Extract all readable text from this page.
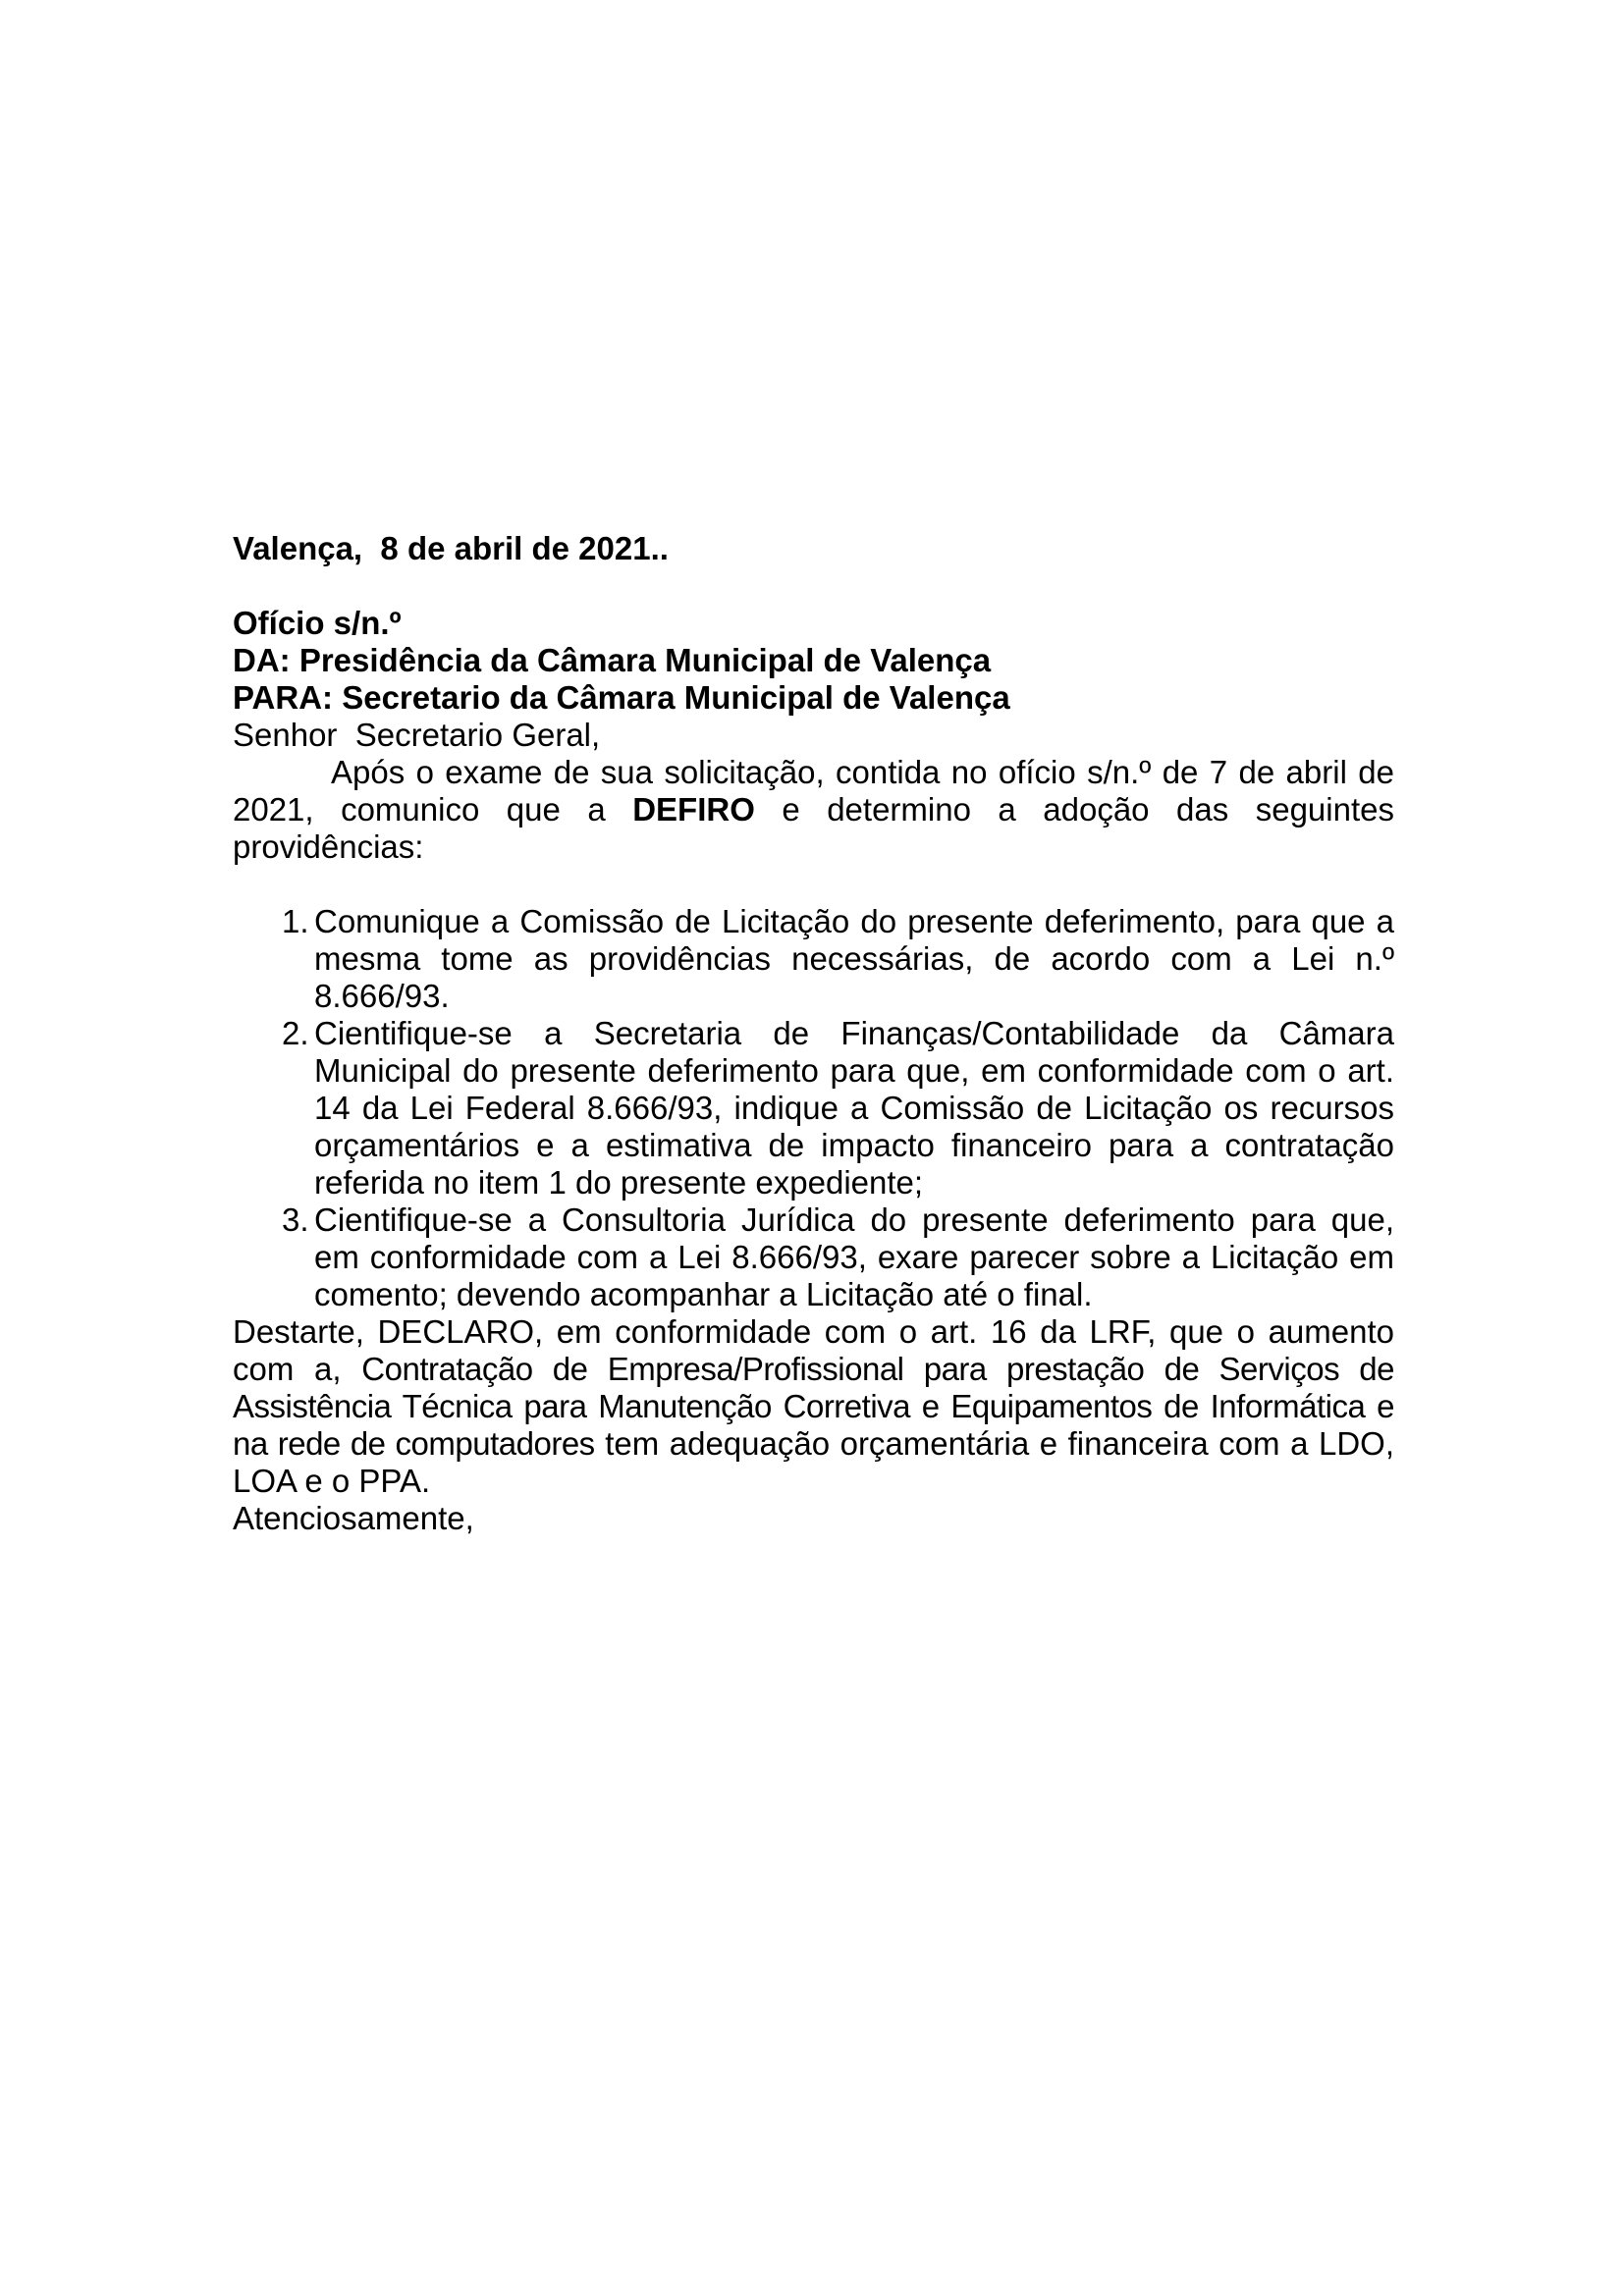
Valença,  8 de abril de 2021..

Ofício s/n.º

DA: Presidência da Câmara Municipal de Valença

PARA: Secretario da Câmara Municipal de Valença

Senhor  Secretario Geral,

Após o exame de sua solicitação, contida no ofício s/n.º de 7 de abril de 2021, comunico que a DEFIRO e determino a adoção das seguintes providências:

1. Comunique a Comissão de Licitação do presente deferimento, para que a mesma tome as providências necessárias, de acordo com a Lei n.º 8.666/93.
2. Cientifique-se a Secretaria de Finanças/Contabilidade da Câmara Municipal do presente deferimento para que, em conformidade com o art. 14 da Lei Federal 8.666/93, indique a Comissão de Licitação os recursos orçamentários e a estimativa de impacto financeiro para a contratação referida no item 1 do presente expediente;
3. Cientifique-se a Consultoria Jurídica do presente deferimento para que, em conformidade com a Lei 8.666/93, exare parecer sobre a Licitação em comento; devendo acompanhar a Licitação até o final.

Destarte, DECLARO, em conformidade com o art. 16 da LRF, que o aumento com a, Contratação de Empresa/Profissional para prestação de Serviços de Assistência Técnica para Manutenção Corretiva e Equipamentos de Informática e na rede de computadores tem adequação orçamentária e financeira com a LDO, LOA e o PPA.

Atenciosamente,
